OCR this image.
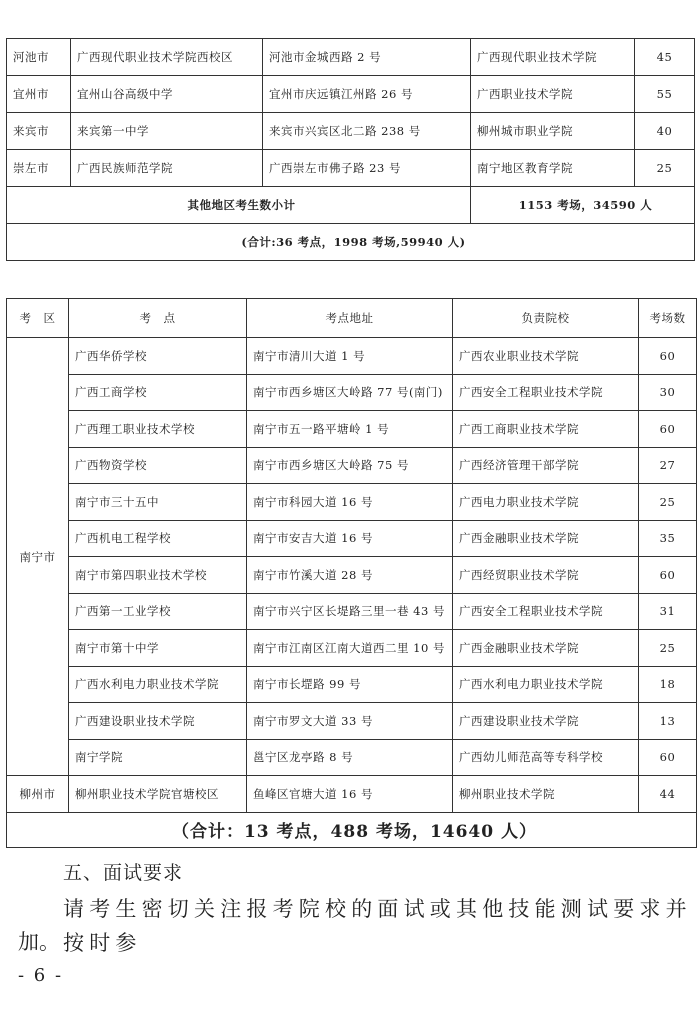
河池市	广西现代职业技术学院西校区	河池市金城西路 2 号	广西现代职业技术学院	45
宜州市	宜州山谷高级中学	宜州市庆远镇江州路 26 号	广西职业技术学院	55
来宾市	来宾第一中学	来宾市兴宾区北二路 238 号	柳州城市职业学院	40
崇左市	广西民族师范学院	广西崇左市佛子路 23 号	南宁地区教育学院	25
其他地区考生数小计			1153 考场，34590 人	
(合计:36 考点，1998 考场,59940 人)				
考　区	考　点	考点地址	负责院校	考场数
南宁市	广西华侨学校	南宁市清川大道 1 号	广西农业职业技术学院	60
	广西工商学校	南宁市西乡塘区大岭路 77 号(南门)	广西安全工程职业技术学院	30
	广西理工职业技术学校	南宁市五一路平塘岭 1 号	广西工商职业技术学院	60
	广西物资学校	南宁市西乡塘区大岭路 75 号	广西经济管理干部学院	27
	南宁市三十五中	南宁市科园大道 16 号	广西电力职业技术学院	25
	广西机电工程学校	南宁市安吉大道 16 号	广西金融职业技术学院	35
	南宁市第四职业技术学校	南宁市竹溪大道 28 号	广西经贸职业技术学院	60
	广西第一工业学校	南宁市兴宁区长堤路三里一巷 43 号	广西安全工程职业技术学院	31
	南宁市第十中学	南宁市江南区江南大道西二里 10 号	广西金融职业技术学院	25
	广西水利电力职业技术学院	南宁市长堽路 99 号	广西水利电力职业技术学院	18
	广西建设职业技术学院	南宁市罗文大道 33 号	广西建设职业技术学院	13
	南宁学院	邕宁区龙亭路 8 号	广西幼儿师范高等专科学校	60
柳州市	柳州职业技术学院官塘校区	鱼峰区官塘大道 16 号	柳州职业技术学院	44
（合计：13 考点，488 考场，14640 人）				
五、面试要求
请考生密切关注报考院校的面试或其他技能测试要求并按时参
加。
- 6 -
